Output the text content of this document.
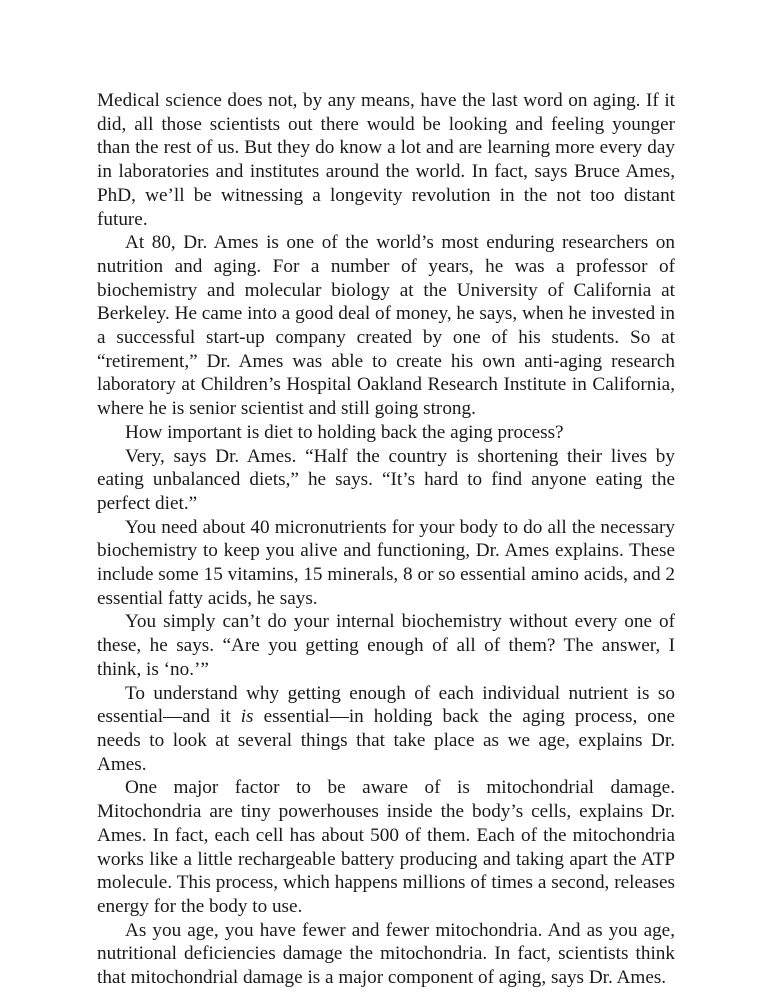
Medical science does not, by any means, have the last word on aging. If it did, all those scientists out there would be looking and feeling younger than the rest of us. But they do know a lot and are learning more every day in laboratories and institutes around the world. In fact, says Bruce Ames, PhD, we’ll be witnessing a longevity revolution in the not too distant future.

At 80, Dr. Ames is one of the world’s most enduring researchers on nutrition and aging. For a number of years, he was a professor of biochemistry and molecular biology at the University of California at Berkeley. He came into a good deal of money, he says, when he invested in a successful start-up company created by one of his students. So at “retirement,” Dr. Ames was able to create his own anti-aging research laboratory at Children’s Hospital Oakland Research Institute in California, where he is senior scientist and still going strong.

How important is diet to holding back the aging process?

Very, says Dr. Ames. “Half the country is shortening their lives by eating unbalanced diets,” he says. “It’s hard to find anyone eating the perfect diet.”

You need about 40 micronutrients for your body to do all the necessary biochemistry to keep you alive and functioning, Dr. Ames explains. These include some 15 vitamins, 15 minerals, 8 or so essential amino acids, and 2 essential fatty acids, he says.

You simply can’t do your internal biochemistry without every one of these, he says. “Are you getting enough of all of them? The answer, I think, is ‘no.’”

To understand why getting enough of each individual nutrient is so essential—and it is essential—in holding back the aging process, one needs to look at several things that take place as we age, explains Dr. Ames.

One major factor to be aware of is mitochondrial damage. Mitochondria are tiny powerhouses inside the body’s cells, explains Dr. Ames. In fact, each cell has about 500 of them. Each of the mitochondria works like a little rechargeable battery producing and taking apart the ATP molecule. This process, which happens millions of times a second, releases energy for the body to use.

As you age, you have fewer and fewer mitochondria. And as you age, nutritional deficiencies damage the mitochondria. In fact, scientists think that mitochondrial damage is a major component of aging, says Dr. Ames.
